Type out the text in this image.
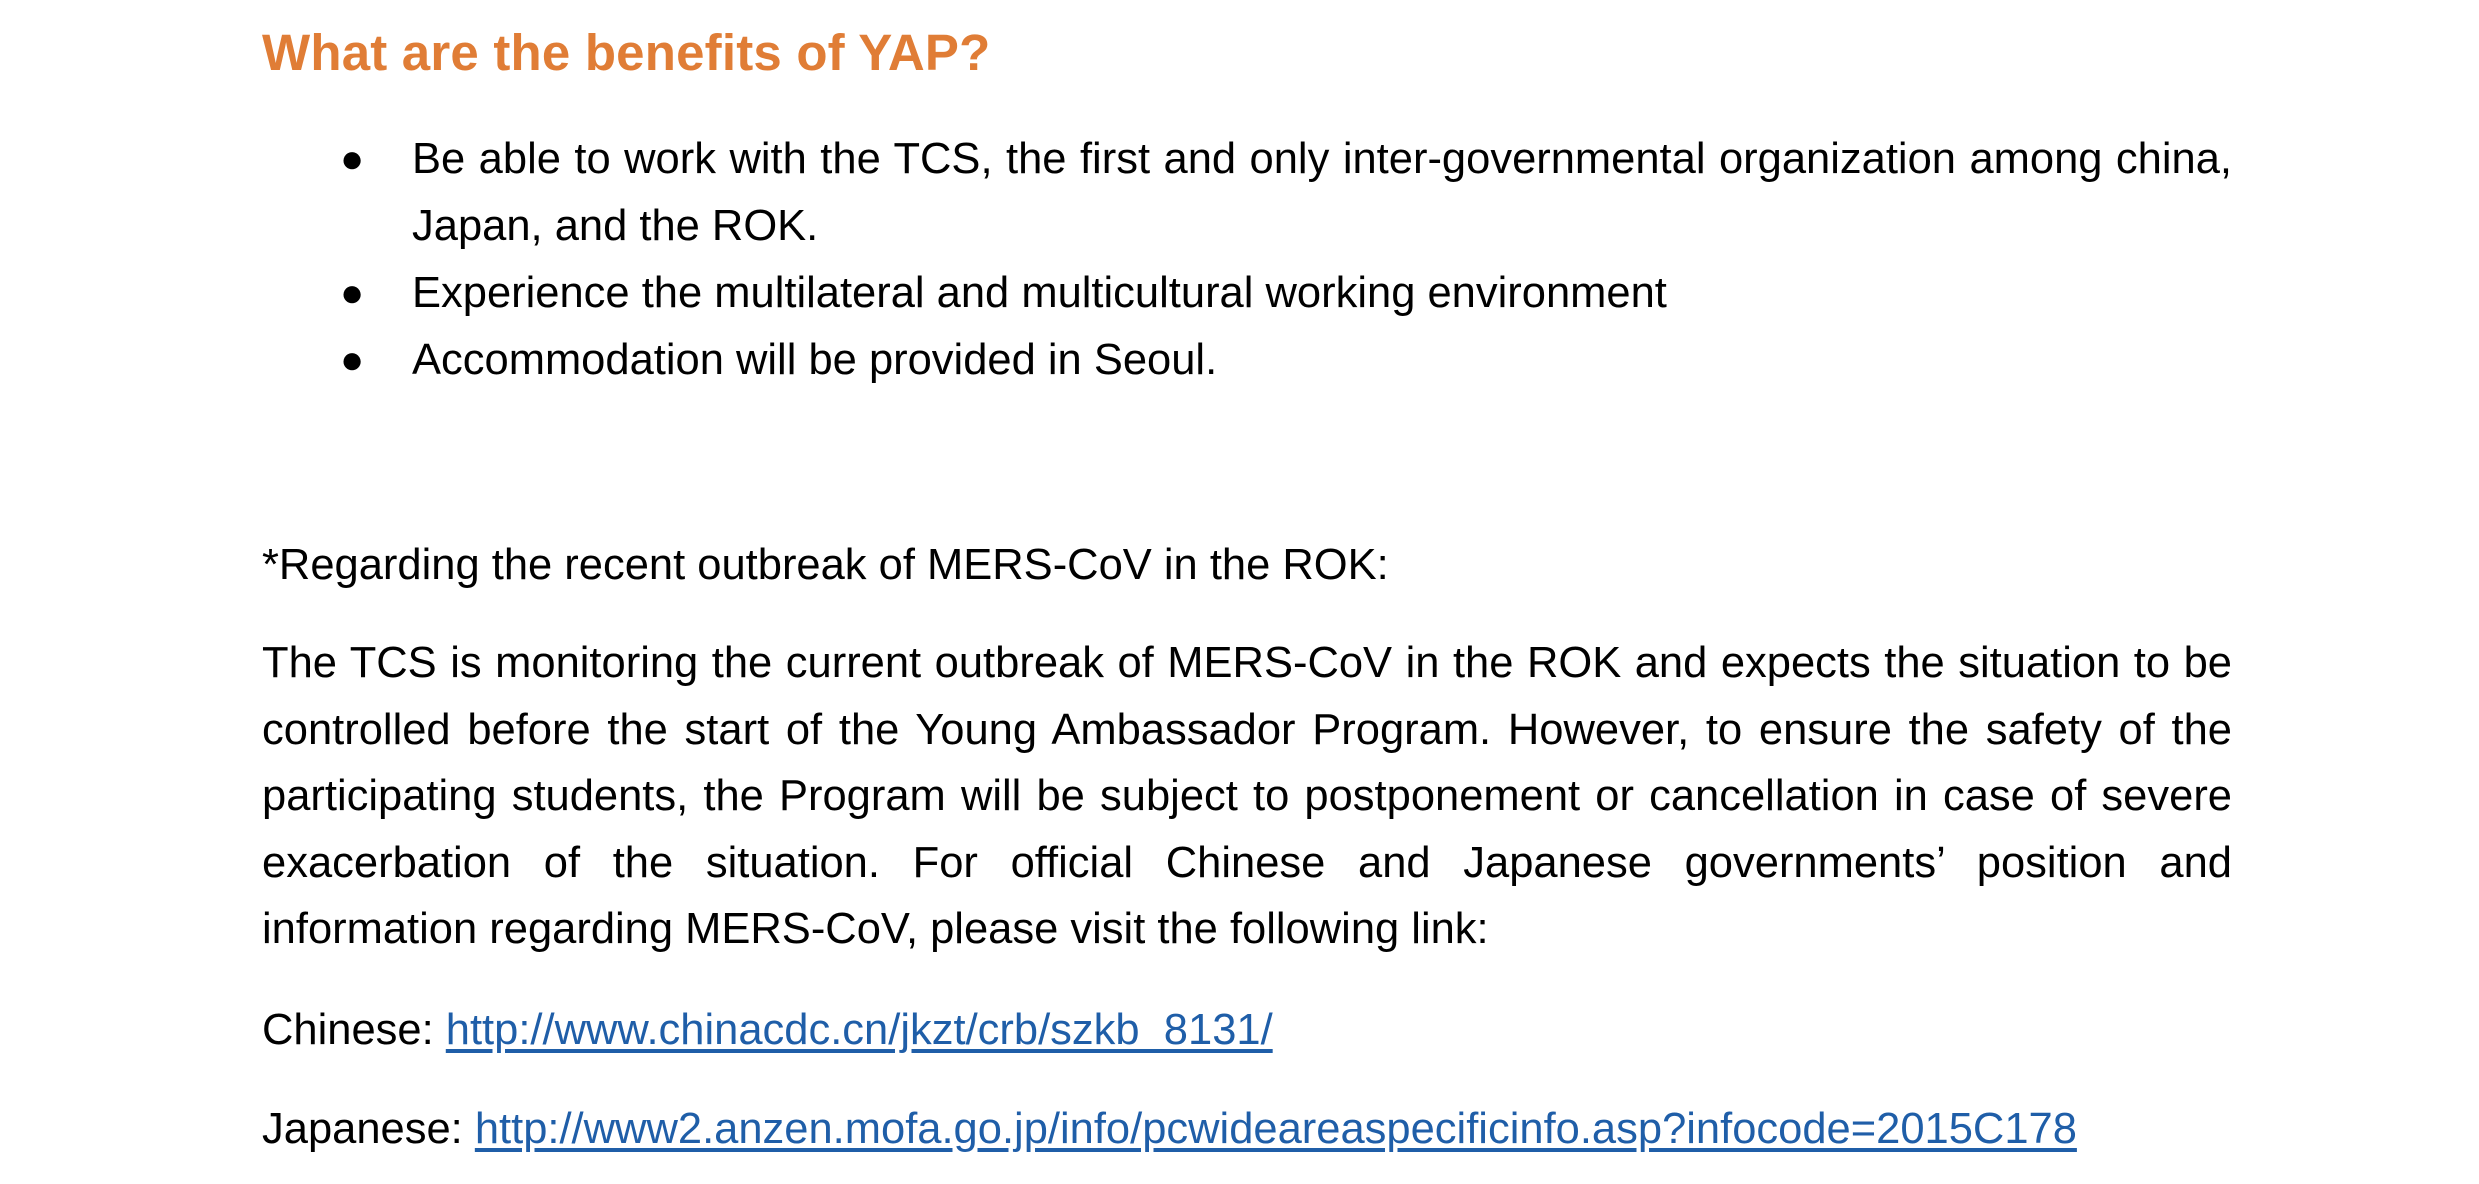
What are the benefits of YAP?
● Be able to work with the TCS, the first and only inter-governmental organization among china, Japan, and the ROK.
● Experience the multilateral and multicultural working environment
● Accommodation will be provided in Seoul.

*Regarding the recent outbreak of MERS-CoV in the ROK:

The TCS is monitoring the current outbreak of MERS-CoV in the ROK and expects the situation to be controlled before the start of the Young Ambassador Program. However, to ensure the safety of the participating students, the Program will be subject to postponement or cancellation in case of severe exacerbation of the situation. For official Chinese and Japanese governments’ position and information regarding MERS-CoV, please visit the following link:

Chinese: http://www.chinacdc.cn/jkzt/crb/szkb_8131/

Japanese: http://www2.anzen.mofa.go.jp/info/pcwideareaspecificinfo.asp?infocode=2015C178
